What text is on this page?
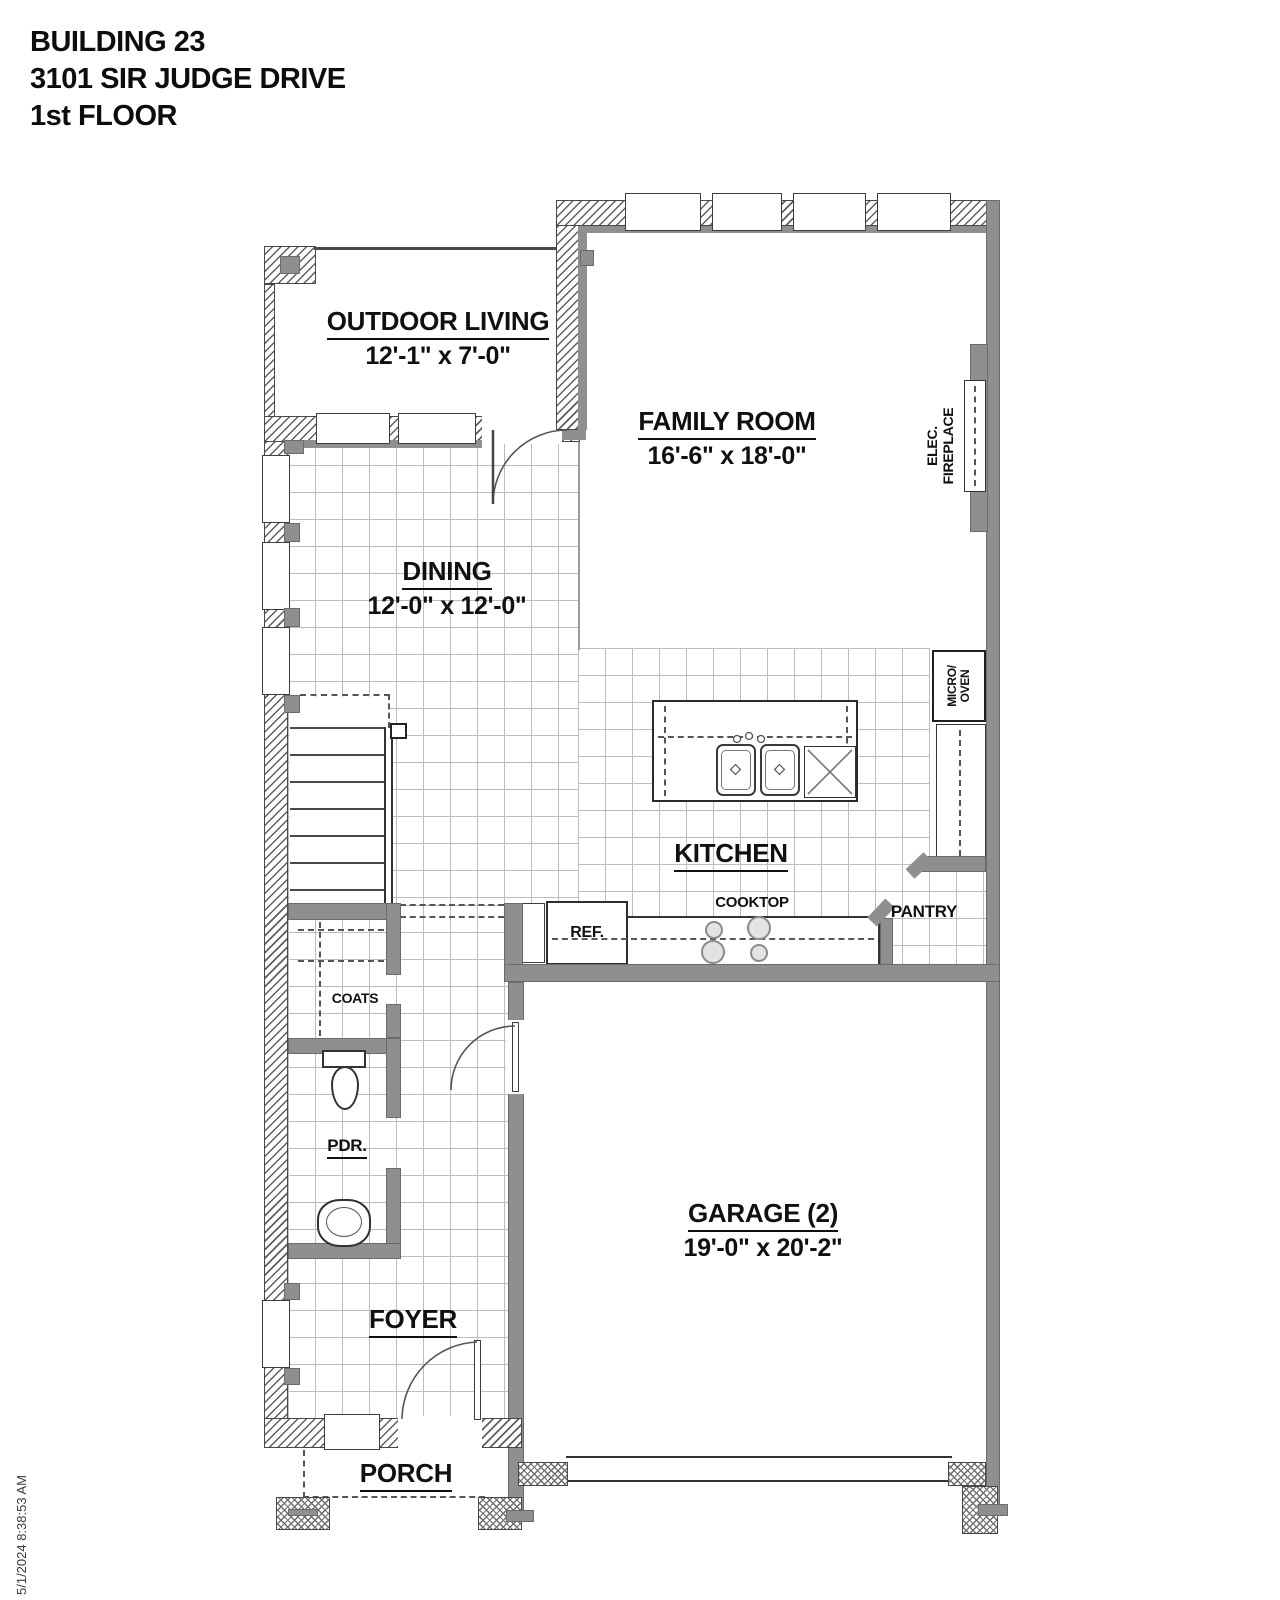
BUILDING 23
3101 SIR JUDGE DRIVE
1st FLOOR
MICRO/ OVEN
REF.
OUTDOOR LIVING
12'-1" x 7'-0"
FAMILY ROOM
16'-6" x 18'-0"
DINING
12'-0" x 12'-0"
KITCHEN
GARAGE (2)
19'-0" x 20'-2"
FOYER
PORCH
PDR.
COATS
PANTRY
COOKTOP
ELEC. FIREPLACE
5/1/2024 8:38:53 AM
